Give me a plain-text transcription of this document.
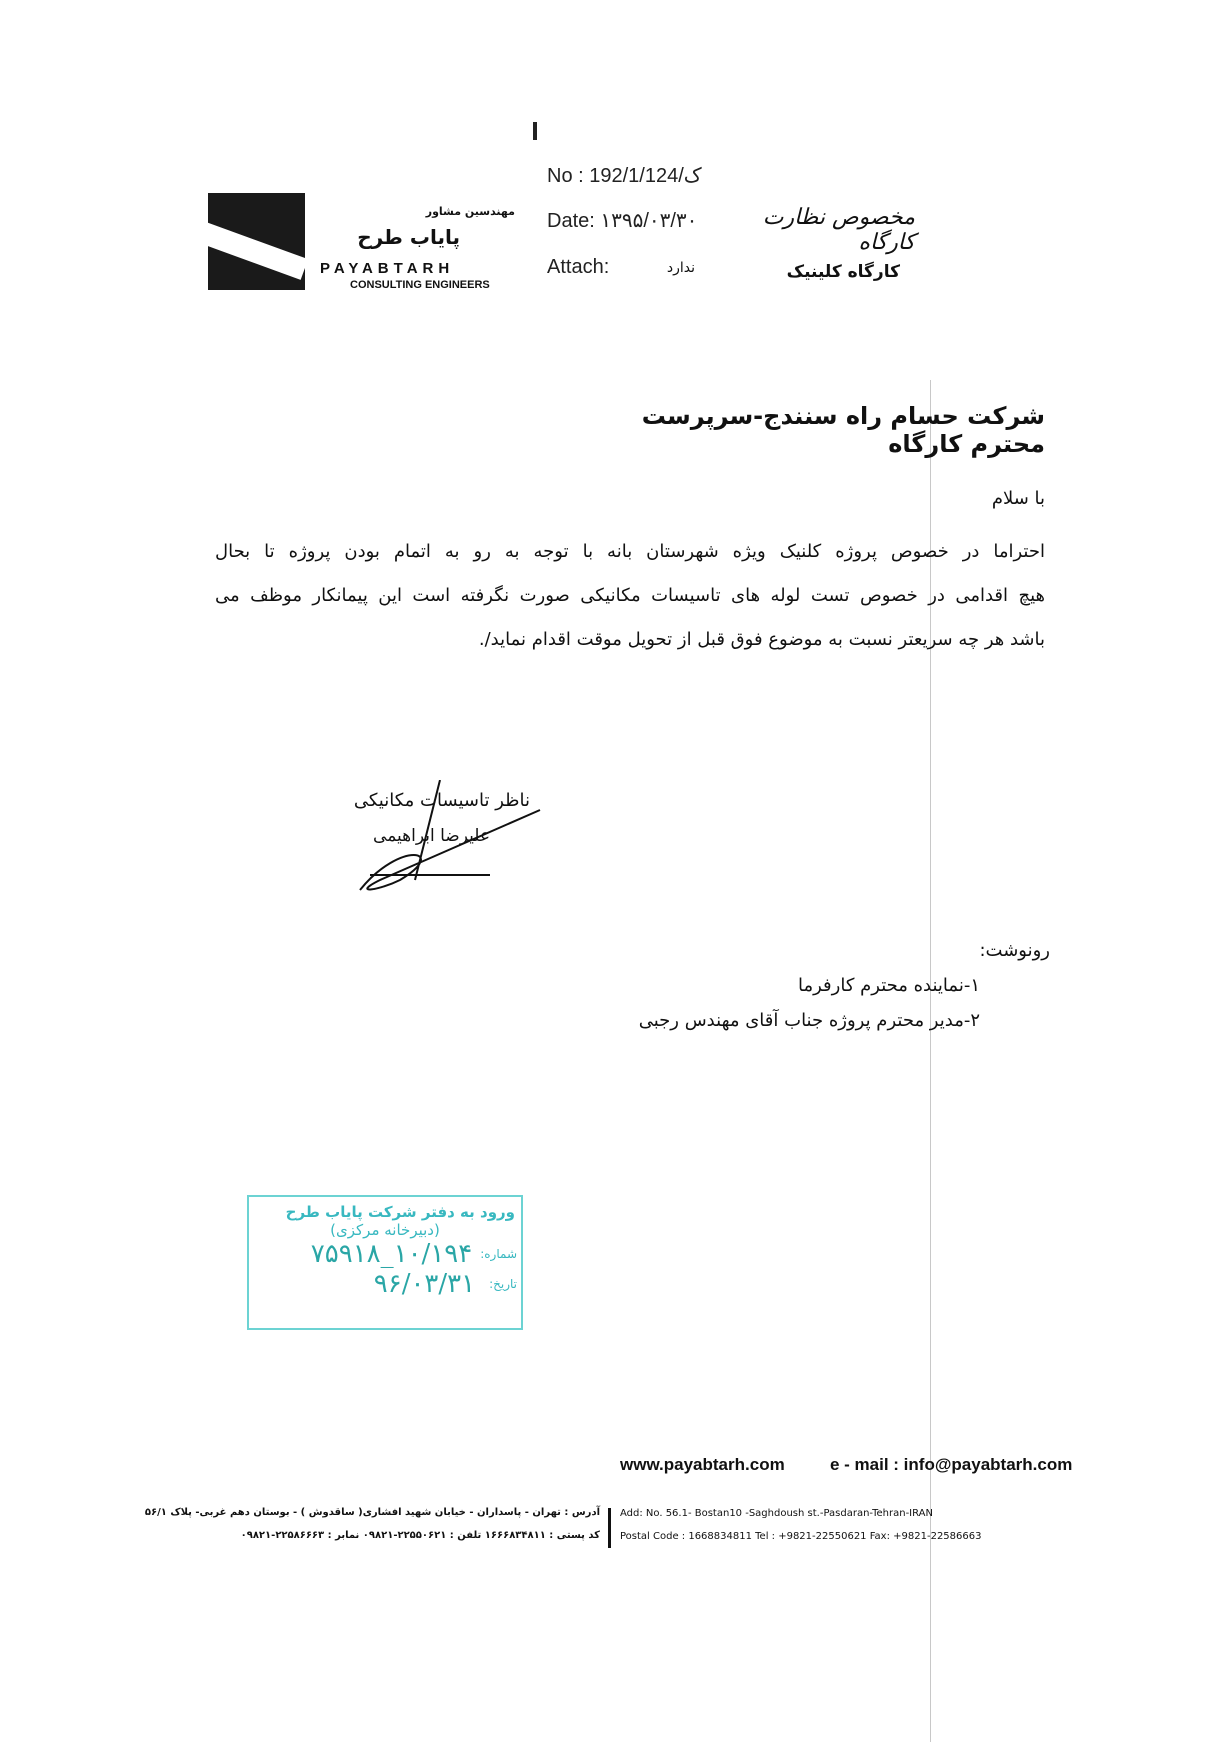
No : 192/1/ک/124
Date: ۱۳۹۵/۰۳/۳۰
Attach:	ندارد
مهندسین مشاور
پایاب طرح
PAYABTARH
CONSULTING ENGINEERS
مخصوص نظارت کارگاه
کارگاه کلینیک
شرکت حسام راه سنندج-سرپرست محترم کارگاه
با سلام
احتراما در خصوص پروژه کلنیک ویژه شهرستان بانه با توجه به رو به اتمام بودن پروژه تا بحال
هیچ اقدامی در خصوص تست لوله های تاسیسات مکانیکی صورت نگرفته است این پیمانکار موظف می
باشد هر چه سریعتر نسبت به موضوع فوق قبل از تحویل موقت اقدام نماید/.
ناظر تاسیسات مکانیکی
علیرضا ابراهیمی
رونوشت:
۱-نماینده محترم کارفرما
۲-مدیر محترم پروژه جناب آقای مهندس رجبی
ورود به دفتر شرکت پایاب طرح
(دبیرخانه مرکزی)
شماره:
۱۰/۱۹۴_۷۵۹۱۸
تاریخ:
۹۶/۰۳/۳۱
www.payabtarh.com	e - mail : info@payabtarh.com
آدرس : تهران - پاسداران - خیابان شهید افشاری( ساقدوش ) - بوستان دهم غربی- پلاک ۵۶/۱
کد پستی : ۱۶۶۶۸۳۴۸۱۱ تلفن : ۲۲۵۵۰۶۲۱-۰۹۸۲۱ نمابر : ۲۲۵۸۶۶۶۳-۰۹۸۲۱
Add: No. 56.1- Bostan10 -Saghdoush st.-Pasdaran-Tehran-IRAN
Postal Code : 1668834811 Tel : +9821-22550621 Fax: +9821-22586663
